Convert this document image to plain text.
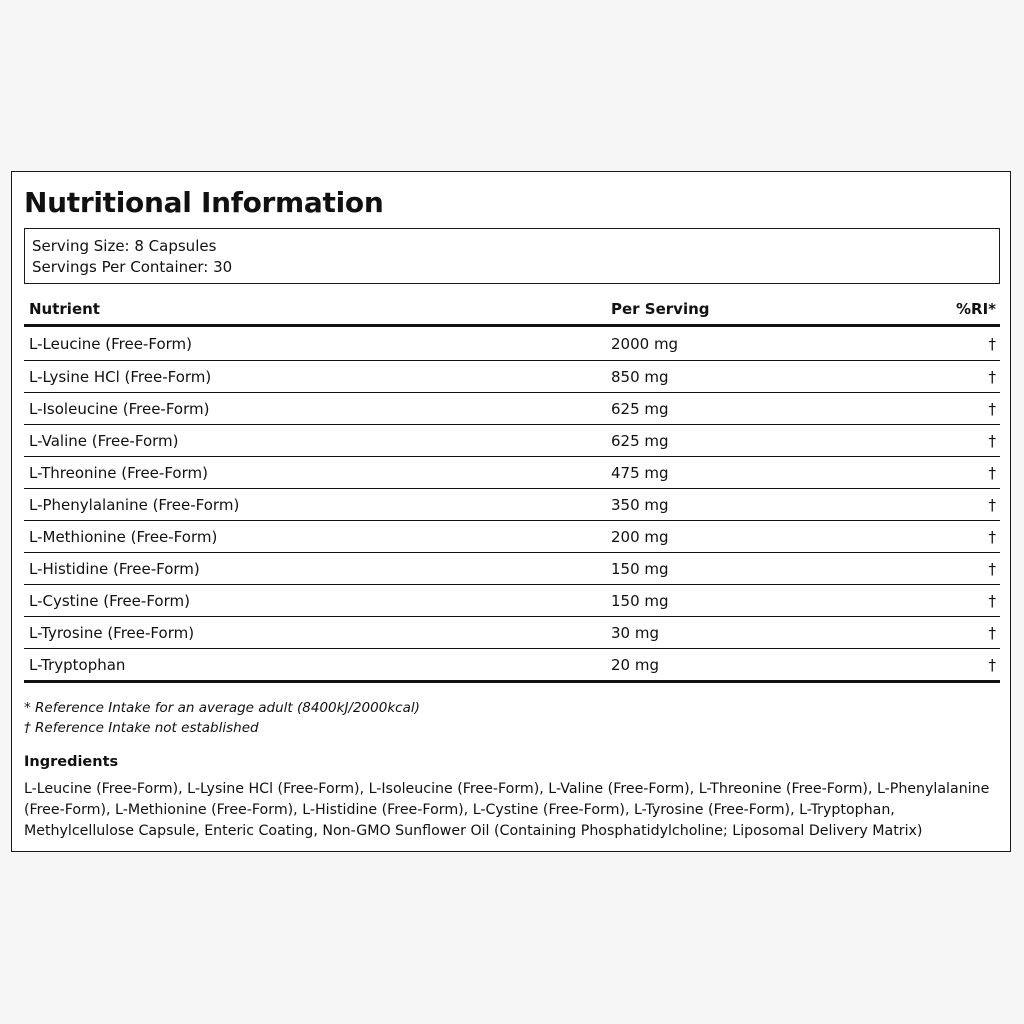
Nutritional Information
Serving Size: 8 Capsules
Servings Per Container: 30
Nutrient	Per Serving	%RI*
L-Leucine (Free-Form)	2000 mg	†
L-Lysine HCl (Free-Form)	850 mg	†
L-Isoleucine (Free-Form)	625 mg	†
L-Valine (Free-Form)	625 mg	†
L-Threonine (Free-Form)	475 mg	†
L-Phenylalanine (Free-Form)	350 mg	†
L-Methionine (Free-Form)	200 mg	†
L-Histidine (Free-Form)	150 mg	†
L-Cystine (Free-Form)	150 mg	†
L-Tyrosine (Free-Form)	30 mg	†
L-Tryptophan	20 mg	†
* Reference Intake for an average adult (8400kJ/2000kcal)
† Reference Intake not established
Ingredients
L-Leucine (Free-Form), L-Lysine HCl (Free-Form), L-Isoleucine (Free-Form), L-Valine (Free-Form), L-Threonine (Free-Form), L-Phenylalanine (Free-Form), L-Methionine (Free-Form), L-Histidine (Free-Form), L-Cystine (Free-Form), L-Tyrosine (Free-Form), L-Tryptophan, Methylcellulose Capsule, Enteric Coating, Non-GMO Sunflower Oil (Containing Phosphatidylcholine; Liposomal Delivery Matrix)
